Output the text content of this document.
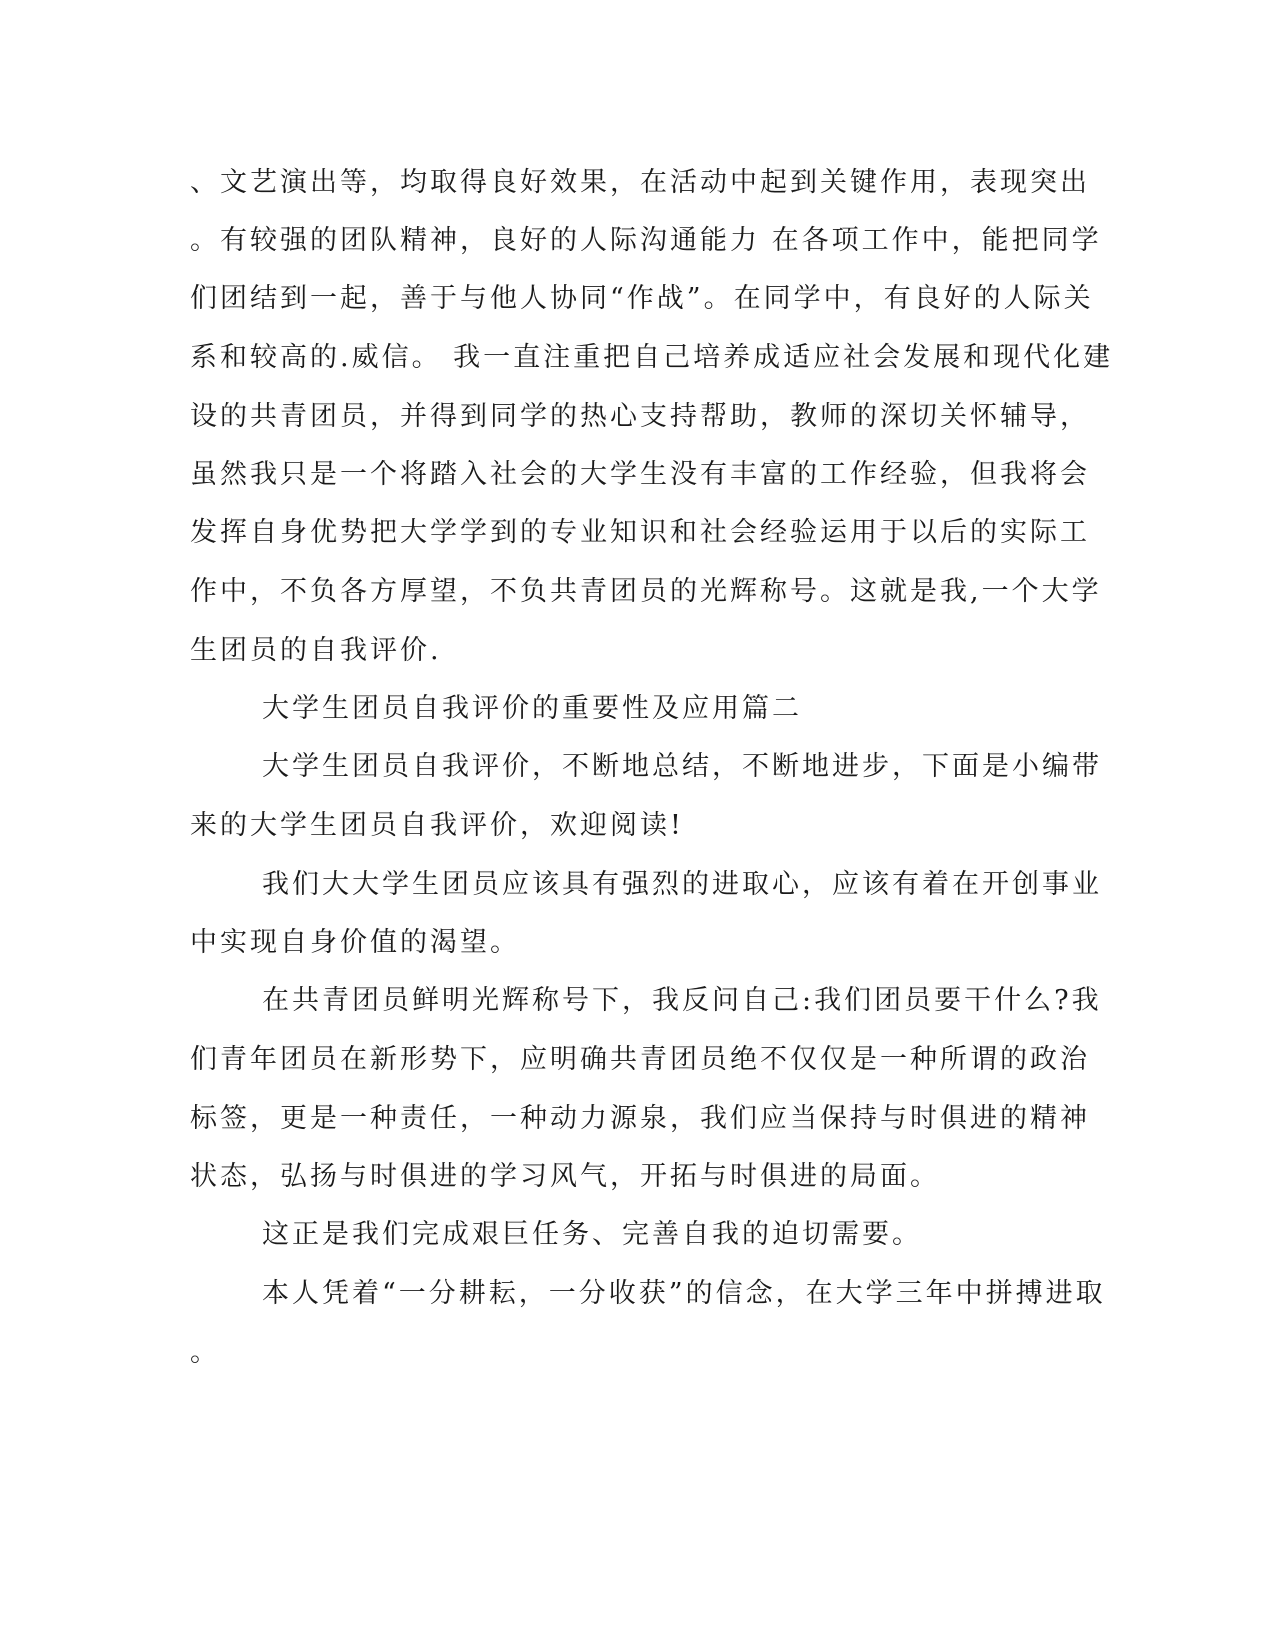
、文艺演出等，均取得良好效果，在活动中起到关键作用，表现突出
。有较强的团队精神，良好的人际沟通能力 在各项工作中，能把同学
们团结到一起，善于与他人协同“作战”。在同学中，有良好的人际关
系和较高的.威信。 我一直注重把自己培养成适应社会发展和现代化建
设的共青团员，并得到同学的热心支持帮助，教师的深切关怀辅导，
虽然我只是一个将踏入社会的大学生没有丰富的工作经验，但我将会
发挥自身优势把大学学到的专业知识和社会经验运用于以后的实际工
作中，不负各方厚望，不负共青团员的光辉称号。这就是我,一个大学
生团员的自我评价.
大学生团员自我评价的重要性及应用篇二
大学生团员自我评价，不断地总结，不断地进步，下面是小编带
来的大学生团员自我评价，欢迎阅读!
我们大大学生团员应该具有强烈的进取心，应该有着在开创事业
中实现自身价值的渴望。
在共青团员鲜明光辉称号下，我反问自己:我们团员要干什么?我
们青年团员在新形势下，应明确共青团员绝不仅仅是一种所谓的政治
标签，更是一种责任，一种动力源泉，我们应当保持与时俱进的精神
状态，弘扬与时俱进的学习风气，开拓与时俱进的局面。
这正是我们完成艰巨任务、完善自我的迫切需要。
本人凭着“一分耕耘，一分收获”的信念，在大学三年中拼搏进取
。
